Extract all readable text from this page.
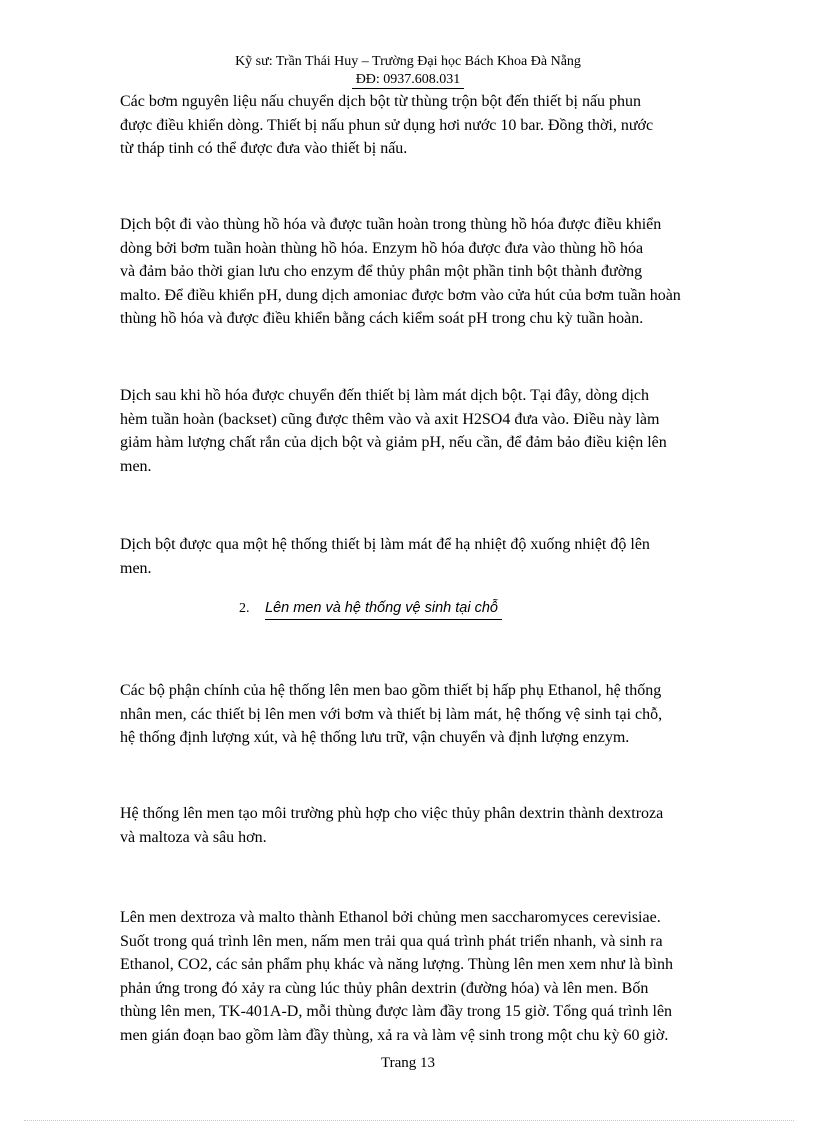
Kỹ sư: Trần Thái Huy – Trường Đại học Bách Khoa Đà Nẵng
ĐĐ: 0937.608.031
Các bơm nguyên liệu nấu chuyển dịch bột từ thùng trộn bột đến thiết bị nấu phun
được điều khiển dòng. Thiết bị nấu phun sử dụng hơi nước 10 bar. Đồng thời, nước
từ tháp tinh có thể được đưa vào thiết bị nấu.
Dịch bột đi vào thùng hồ hóa và được tuần hoàn trong thùng hồ hóa được điều khiển
dòng bởi bơm tuần hoàn thùng hồ hóa. Enzym hồ hóa được đưa vào thùng hồ hóa
và đảm bảo thời gian lưu cho enzym để thủy phân một phần tinh bột thành đường
malto. Để điều khiển pH, dung dịch amoniac được bơm vào cửa hút của bơm tuần hoàn
thùng hồ hóa và được điều khiển bằng cách kiểm soát pH trong chu kỳ tuần hoàn.
Dịch sau khi hồ hóa được chuyển đến thiết bị làm mát dịch bột. Tại đây, dòng dịch
hèm tuần hoàn (backset) cũng được thêm vào và axit H2SO4 đưa vào. Điều này làm
giảm hàm lượng chất rắn của dịch bột và giảm pH, nếu cần, để đảm bảo điều kiện lên
men.
Dịch bột được qua một hệ thống thiết bị làm mát để hạ nhiệt độ xuống nhiệt độ lên
men.
2. Lên men và hệ thống vệ sinh tại chỗ
Các bộ phận chính của hệ thống lên men bao gồm thiết bị hấp phụ Ethanol, hệ thống
nhân men, các thiết bị lên men với bơm và thiết bị làm mát, hệ thống vệ sinh tại chỗ,
hệ thống định lượng xút, và hệ thống lưu trữ, vận chuyển và định lượng enzym.
Hệ thống lên men tạo môi trường phù hợp cho việc thủy phân dextrin thành dextroza
và maltoza và sâu hơn.
Lên men dextroza và malto thành Ethanol bởi chủng men saccharomyces cerevisiae.
Suốt trong quá trình lên men, nấm men trải qua quá trình phát triển nhanh, và sinh ra
Ethanol, CO2, các sản phẩm phụ khác và năng lượng. Thùng lên men xem như là bình
phản ứng trong đó xảy ra cùng lúc thủy phân dextrin (đường hóa) và lên men. Bốn
thùng lên men, TK-401A-D, mỗi thùng được làm đầy trong 15 giờ. Tổng quá trình lên
men gián đoạn bao gồm làm đầy thùng, xả ra và làm vệ sinh trong một chu kỳ 60 giờ.
Trang 13
